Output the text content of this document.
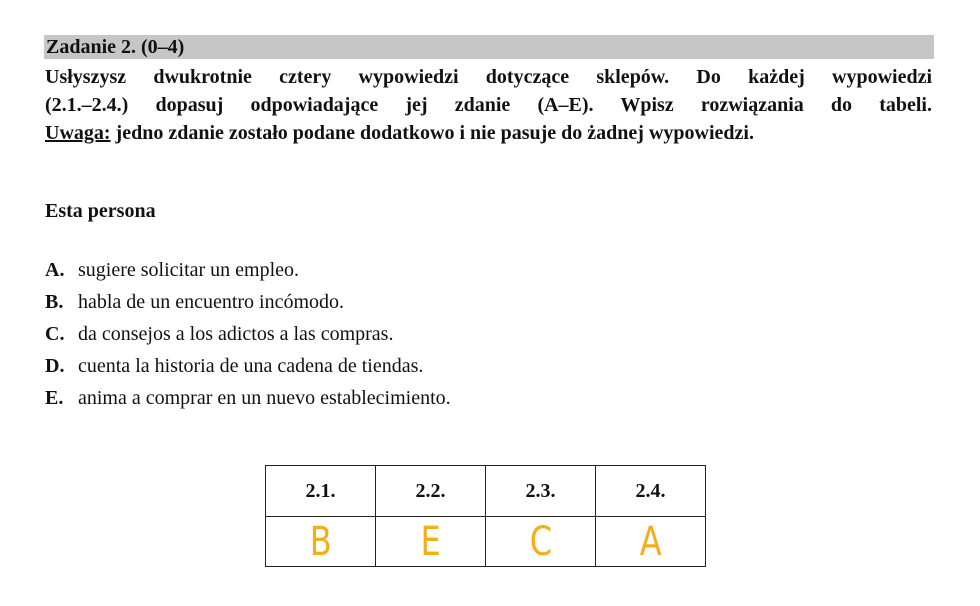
Zadanie 2. (0–4)
Usłyszysz dwukrotnie cztery wypowiedzi dotyczące sklepów. Do każdej wypowiedzi
(2.1.–2.4.) dopasuj odpowiadające jej zdanie (A–E). Wpisz rozwiązania do tabeli.
Uwaga: jedno zdanie zostało podane dodatkowo i nie pasuje do żadnej wypowiedzi.
Esta persona
A. sugiere solicitar un empleo.
B. habla de un encuentro incómodo.
C. da consejos a los adictos a las compras.
D. cuenta la historia de una cadena de tiendas.
E. anima a comprar en un nuevo establecimiento.
2.1.	2.2.	2.3.	2.4.
B	E	C	A
